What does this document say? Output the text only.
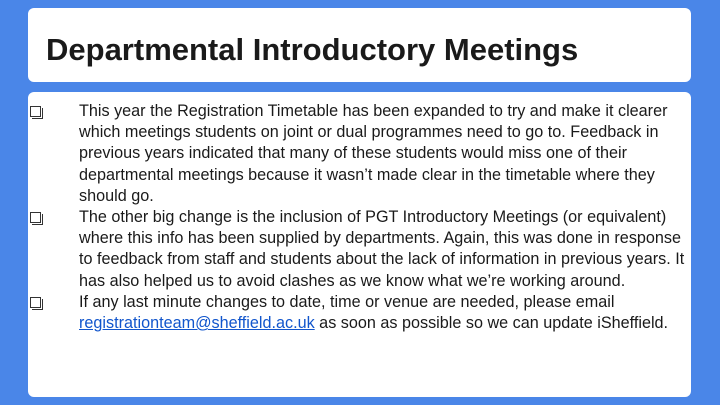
Departmental Introductory Meetings
This year the Registration Timetable has been expanded to try and make it clearer which meetings students on joint or dual programmes need to go to. Feedback in previous years indicated that many of these students would miss one of their departmental meetings because it wasn’t made clear in the timetable where they should go.
The other big change is the inclusion of PGT Introductory Meetings (or equivalent) where this info has been supplied by departments. Again, this was done in response to feedback from staff and students about the lack of information in previous years. It has also helped us to avoid clashes as we know what we’re working around.
If any last minute changes to date, time or venue are needed, please email registrationteam@sheffield.ac.uk as soon as possible so we can update iSheffield.
